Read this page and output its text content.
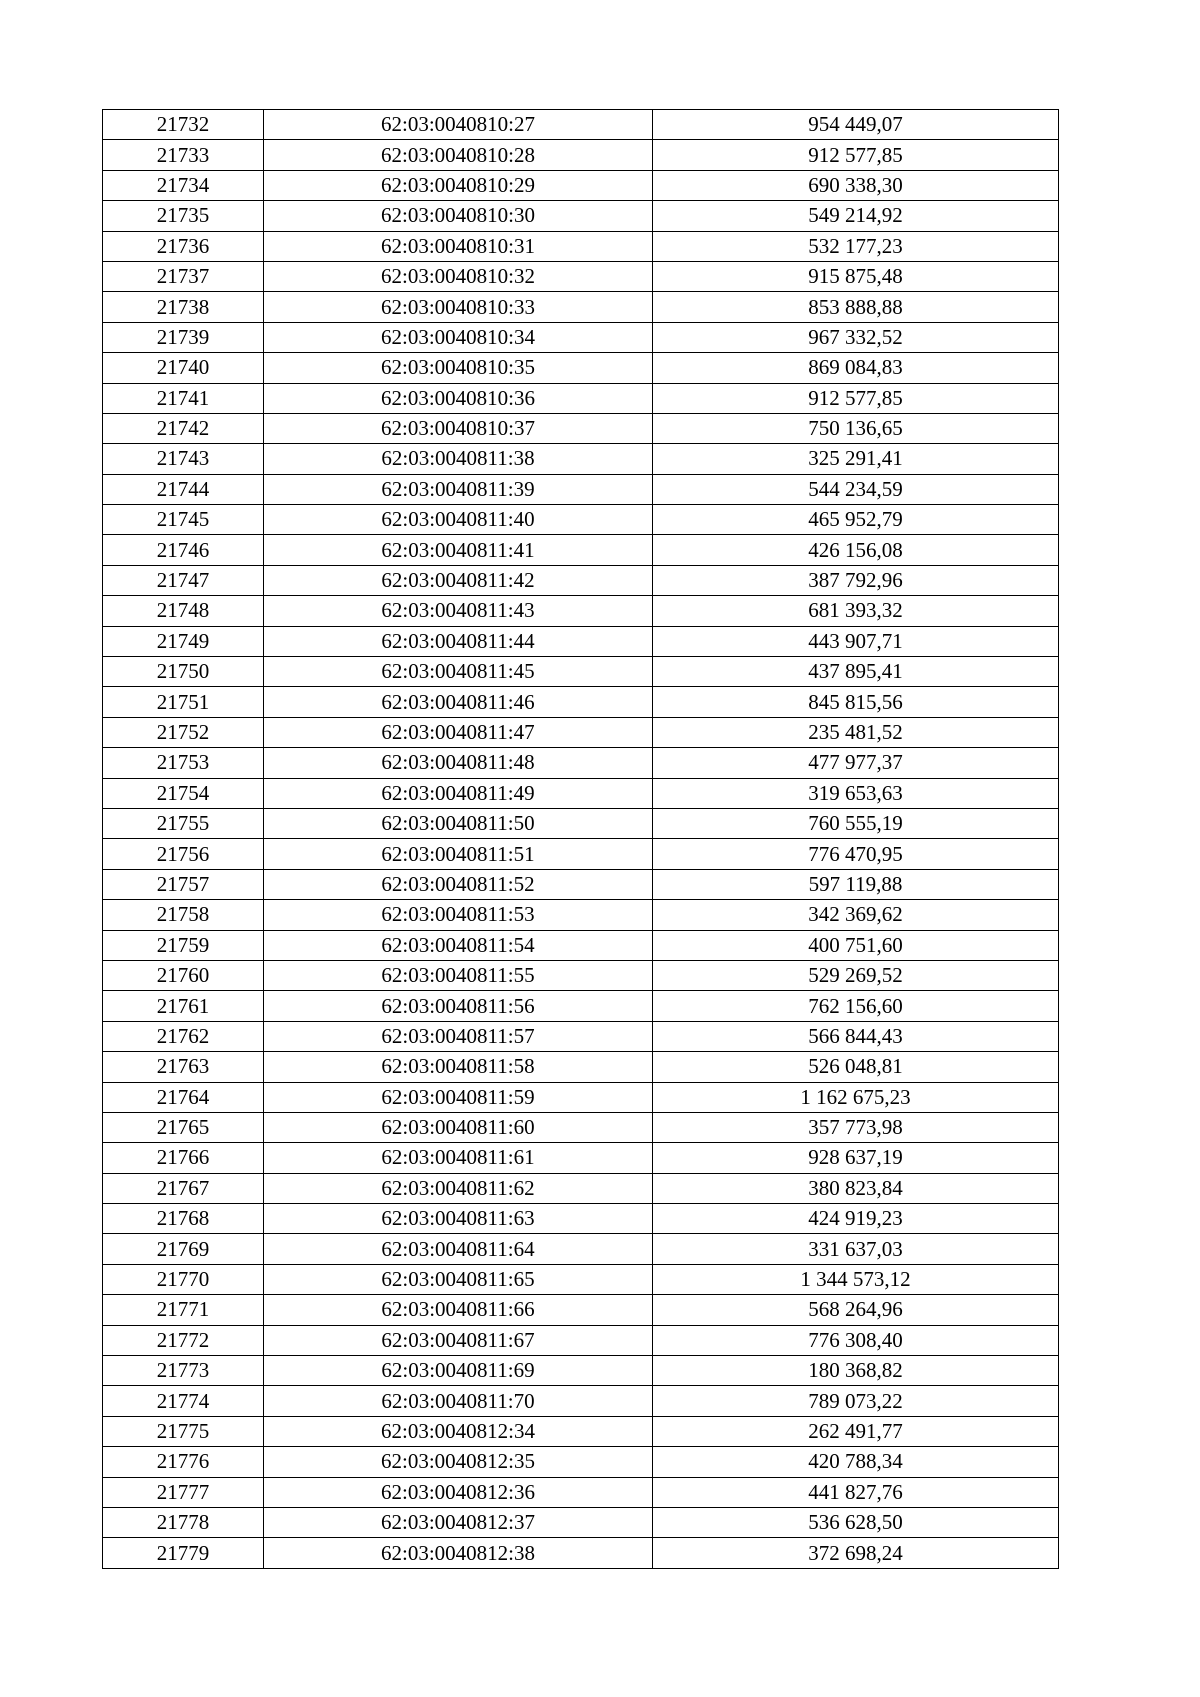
21732	62:03:0040810:27	954 449,07
21733	62:03:0040810:28	912 577,85
21734	62:03:0040810:29	690 338,30
21735	62:03:0040810:30	549 214,92
21736	62:03:0040810:31	532 177,23
21737	62:03:0040810:32	915 875,48
21738	62:03:0040810:33	853 888,88
21739	62:03:0040810:34	967 332,52
21740	62:03:0040810:35	869 084,83
21741	62:03:0040810:36	912 577,85
21742	62:03:0040810:37	750 136,65
21743	62:03:0040811:38	325 291,41
21744	62:03:0040811:39	544 234,59
21745	62:03:0040811:40	465 952,79
21746	62:03:0040811:41	426 156,08
21747	62:03:0040811:42	387 792,96
21748	62:03:0040811:43	681 393,32
21749	62:03:0040811:44	443 907,71
21750	62:03:0040811:45	437 895,41
21751	62:03:0040811:46	845 815,56
21752	62:03:0040811:47	235 481,52
21753	62:03:0040811:48	477 977,37
21754	62:03:0040811:49	319 653,63
21755	62:03:0040811:50	760 555,19
21756	62:03:0040811:51	776 470,95
21757	62:03:0040811:52	597 119,88
21758	62:03:0040811:53	342 369,62
21759	62:03:0040811:54	400 751,60
21760	62:03:0040811:55	529 269,52
21761	62:03:0040811:56	762 156,60
21762	62:03:0040811:57	566 844,43
21763	62:03:0040811:58	526 048,81
21764	62:03:0040811:59	1 162 675,23
21765	62:03:0040811:60	357 773,98
21766	62:03:0040811:61	928 637,19
21767	62:03:0040811:62	380 823,84
21768	62:03:0040811:63	424 919,23
21769	62:03:0040811:64	331 637,03
21770	62:03:0040811:65	1 344 573,12
21771	62:03:0040811:66	568 264,96
21772	62:03:0040811:67	776 308,40
21773	62:03:0040811:69	180 368,82
21774	62:03:0040811:70	789 073,22
21775	62:03:0040812:34	262 491,77
21776	62:03:0040812:35	420 788,34
21777	62:03:0040812:36	441 827,76
21778	62:03:0040812:37	536 628,50
21779	62:03:0040812:38	372 698,24
